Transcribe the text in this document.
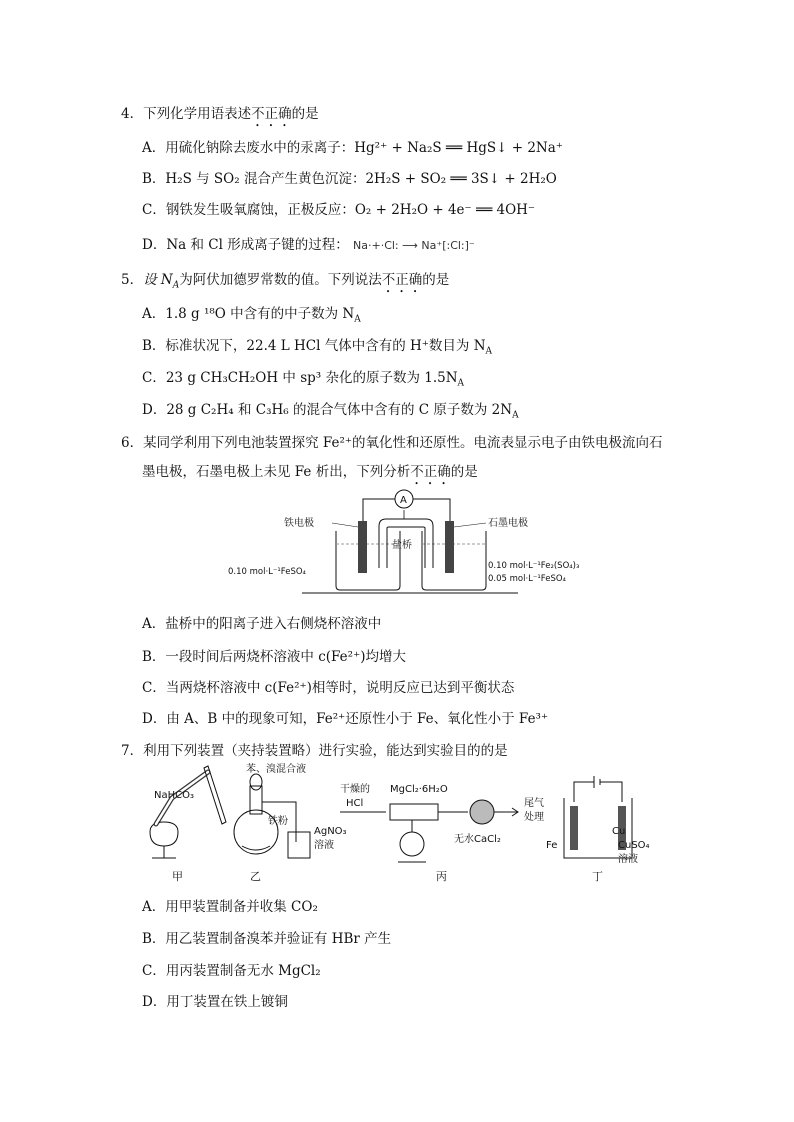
4．下列化学用语表述不正确的是
A．用硫化钠除去废水中的汞离子：Hg²⁺ + Na₂S ══ HgS↓ + 2Na⁺
B．H₂S 与 SO₂ 混合产生黄色沉淀：2H₂S + SO₂ ══ 3S↓ + 2H₂O
C．钢铁发生吸氧腐蚀，正极反应：O₂ + 2H₂O + 4e⁻ ══ 4OH⁻
D．Na 和 Cl 形成离子键的过程： Na·+·Cl: ⟶ Na⁺[:Cl:]⁻
5．设 $N_A$为阿伏加德罗常数的值。下列说法不正确的是
A．1.8 g ¹⁸O 中含有的中子数为 $N_A$
B．标准状况下，22.4 L HCl 气体中含有的 H⁺数目为 $N_A$
C．23 g CH₃CH₂OH 中 sp³ 杂化的原子数为 $1.5N_A$
D．28 g C₂H₄ 和 C₃H₆ 的混合气体中含有的 C 原子数为 $2N_A$
6．某同学利用下列电池装置探究 Fe²⁺的氧化性和还原性。电流表显示电子由铁电极流向石
墨电极，石墨电极上未见 Fe 析出，下列分析不正确的是
A
铁电极
盐桥
石墨电极
0.10 mol·L⁻¹FeSO₄
0.10 mol·L⁻¹Fe₂(SO₄)₃
0.05 mol·L⁻¹FeSO₄
A．盐桥中的阳离子进入右侧烧杯溶液中
B．一段时间后两烧杯溶液中 c(Fe²⁺)均增大
C．当两烧杯溶液中 c(Fe²⁺)相等时，说明反应已达到平衡状态
D．由 A、B 中的现象可知，Fe²⁺还原性小于 Fe、氧化性小于 Fe³⁺
7．利用下列装置（夹持装置略）进行实验，能达到实验目的的是
NaHCO₃
甲
苯、溴混合液
铁粉
AgNO₃
溶液
乙
干燥的
HCl
MgCl₂·6H₂O
尾气
处理
无水CaCl₂
丙
Cu
Fe	CuSO₄
溶液
丁
A．用甲装置制备并收集 CO₂
B．用乙装置制备溴苯并验证有 HBr 产生
C．用丙装置制备无水 MgCl₂
D．用丁装置在铁上镀铜
